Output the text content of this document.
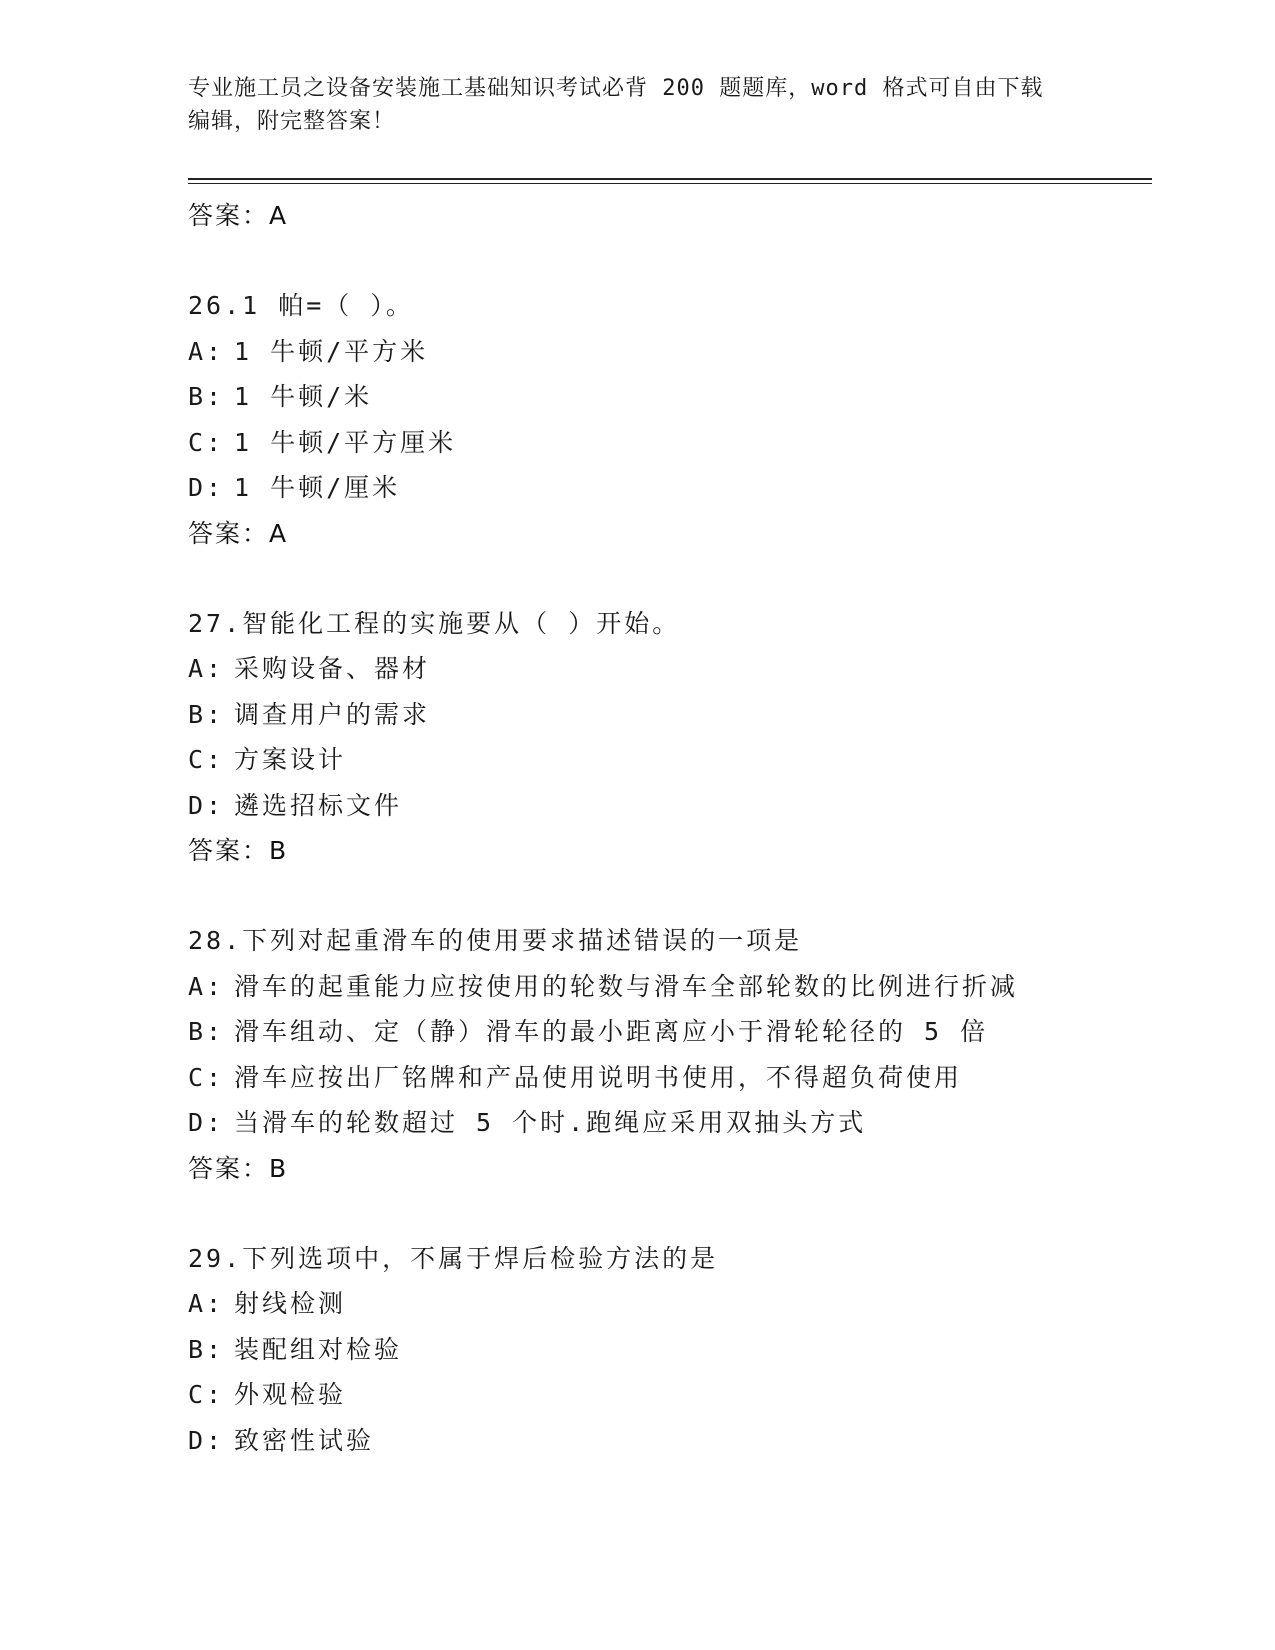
专业施工员之设备安装施工基础知识考试必背 200 题题库，word 格式可自由下载
编辑，附完整答案！
答案：A
26.1 帕=（ ）。
A: 1 牛顿/平方米
B: 1 牛顿/米
C: 1 牛顿/平方厘米
D: 1 牛顿/厘米
答案：A
27.智能化工程的实施要从（ ）开始。
A: 采购设备、器材
B: 调查用户的需求
C: 方案设计
D: 遴选招标文件
答案：B
28.下列对起重滑车的使用要求描述错误的一项是
A: 滑车的起重能力应按使用的轮数与滑车全部轮数的比例进行折减
B: 滑车组动、定（静）滑车的最小距离应小于滑轮轮径的 5 倍
C: 滑车应按出厂铭牌和产品使用说明书使用，不得超负荷使用
D: 当滑车的轮数超过 5 个时.跑绳应采用双抽头方式
答案：B
29.下列选项中，不属于焊后检验方法的是
A: 射线检测
B: 装配组对检验
C: 外观检验
D: 致密性试验
